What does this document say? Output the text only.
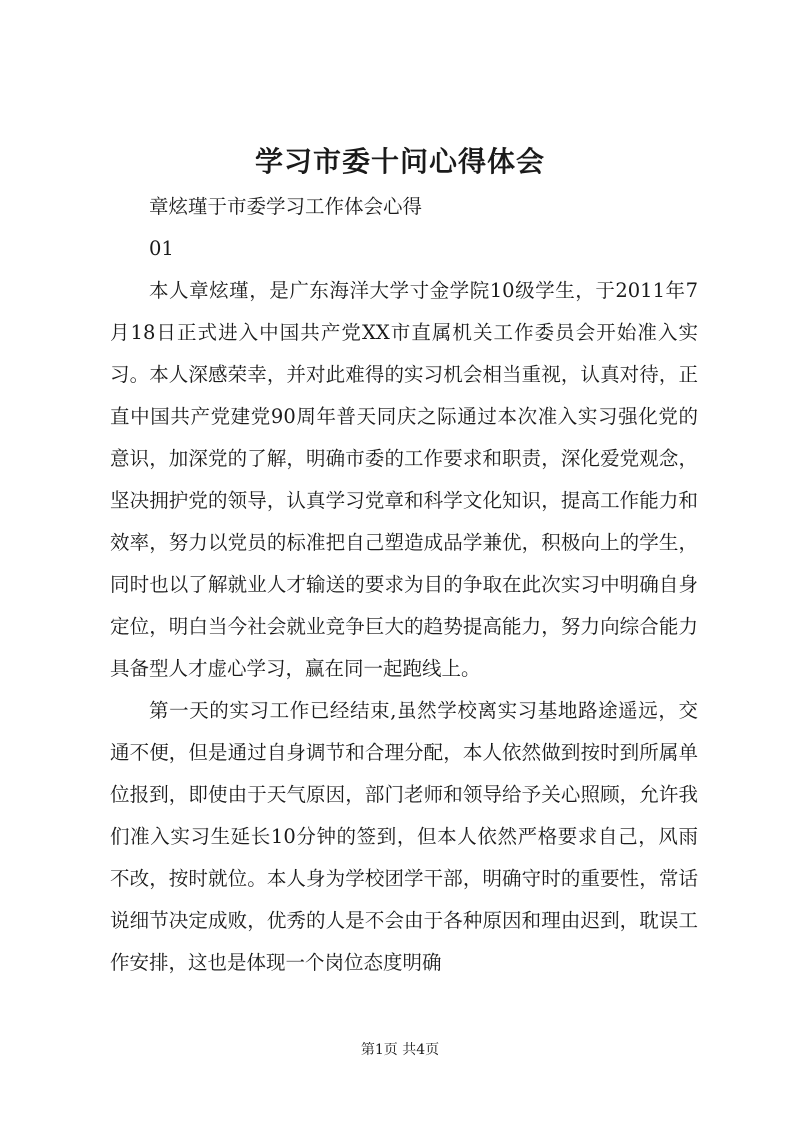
学习市委十问心得体会

章炫瑾于市委学习工作体会心得

01

本人章炫瑾，是广东海洋大学寸金学院10级学生，于2011年7月18日正式进入中国共产党XX市直属机关工作委员会开始准入实习。本人深感荣幸，并对此难得的实习机会相当重视，认真对待，正直中国共产党建党90周年普天同庆之际通过本次准入实习强化党的意识，加深党的了解，明确市委的工作要求和职责，深化爱党观念，坚决拥护党的领导，认真学习党章和科学文化知识，提高工作能力和效率，努力以党员的标准把自己塑造成品学兼优，积极向上的学生，同时也以了解就业人才输送的要求为目的争取在此次实习中明确自身定位，明白当今社会就业竞争巨大的趋势提高能力，努力向综合能力具备型人才虚心学习，赢在同一起跑线上。

第一天的实习工作已经结束,虽然学校离实习基地路途遥远，交通不便，但是通过自身调节和合理分配，本人依然做到按时到所属单位报到，即使由于天气原因，部门老师和领导给予关心照顾，允许我们准入实习生延长10分钟的签到，但本人依然严格要求自己，风雨不改，按时就位。本人身为学校团学干部，明确守时的重要性，常话说细节决定成败，优秀的人是不会由于各种原因和理由迟到，耽误工作安排，这也是体现一个岗位态度明确

第1页 共4页
